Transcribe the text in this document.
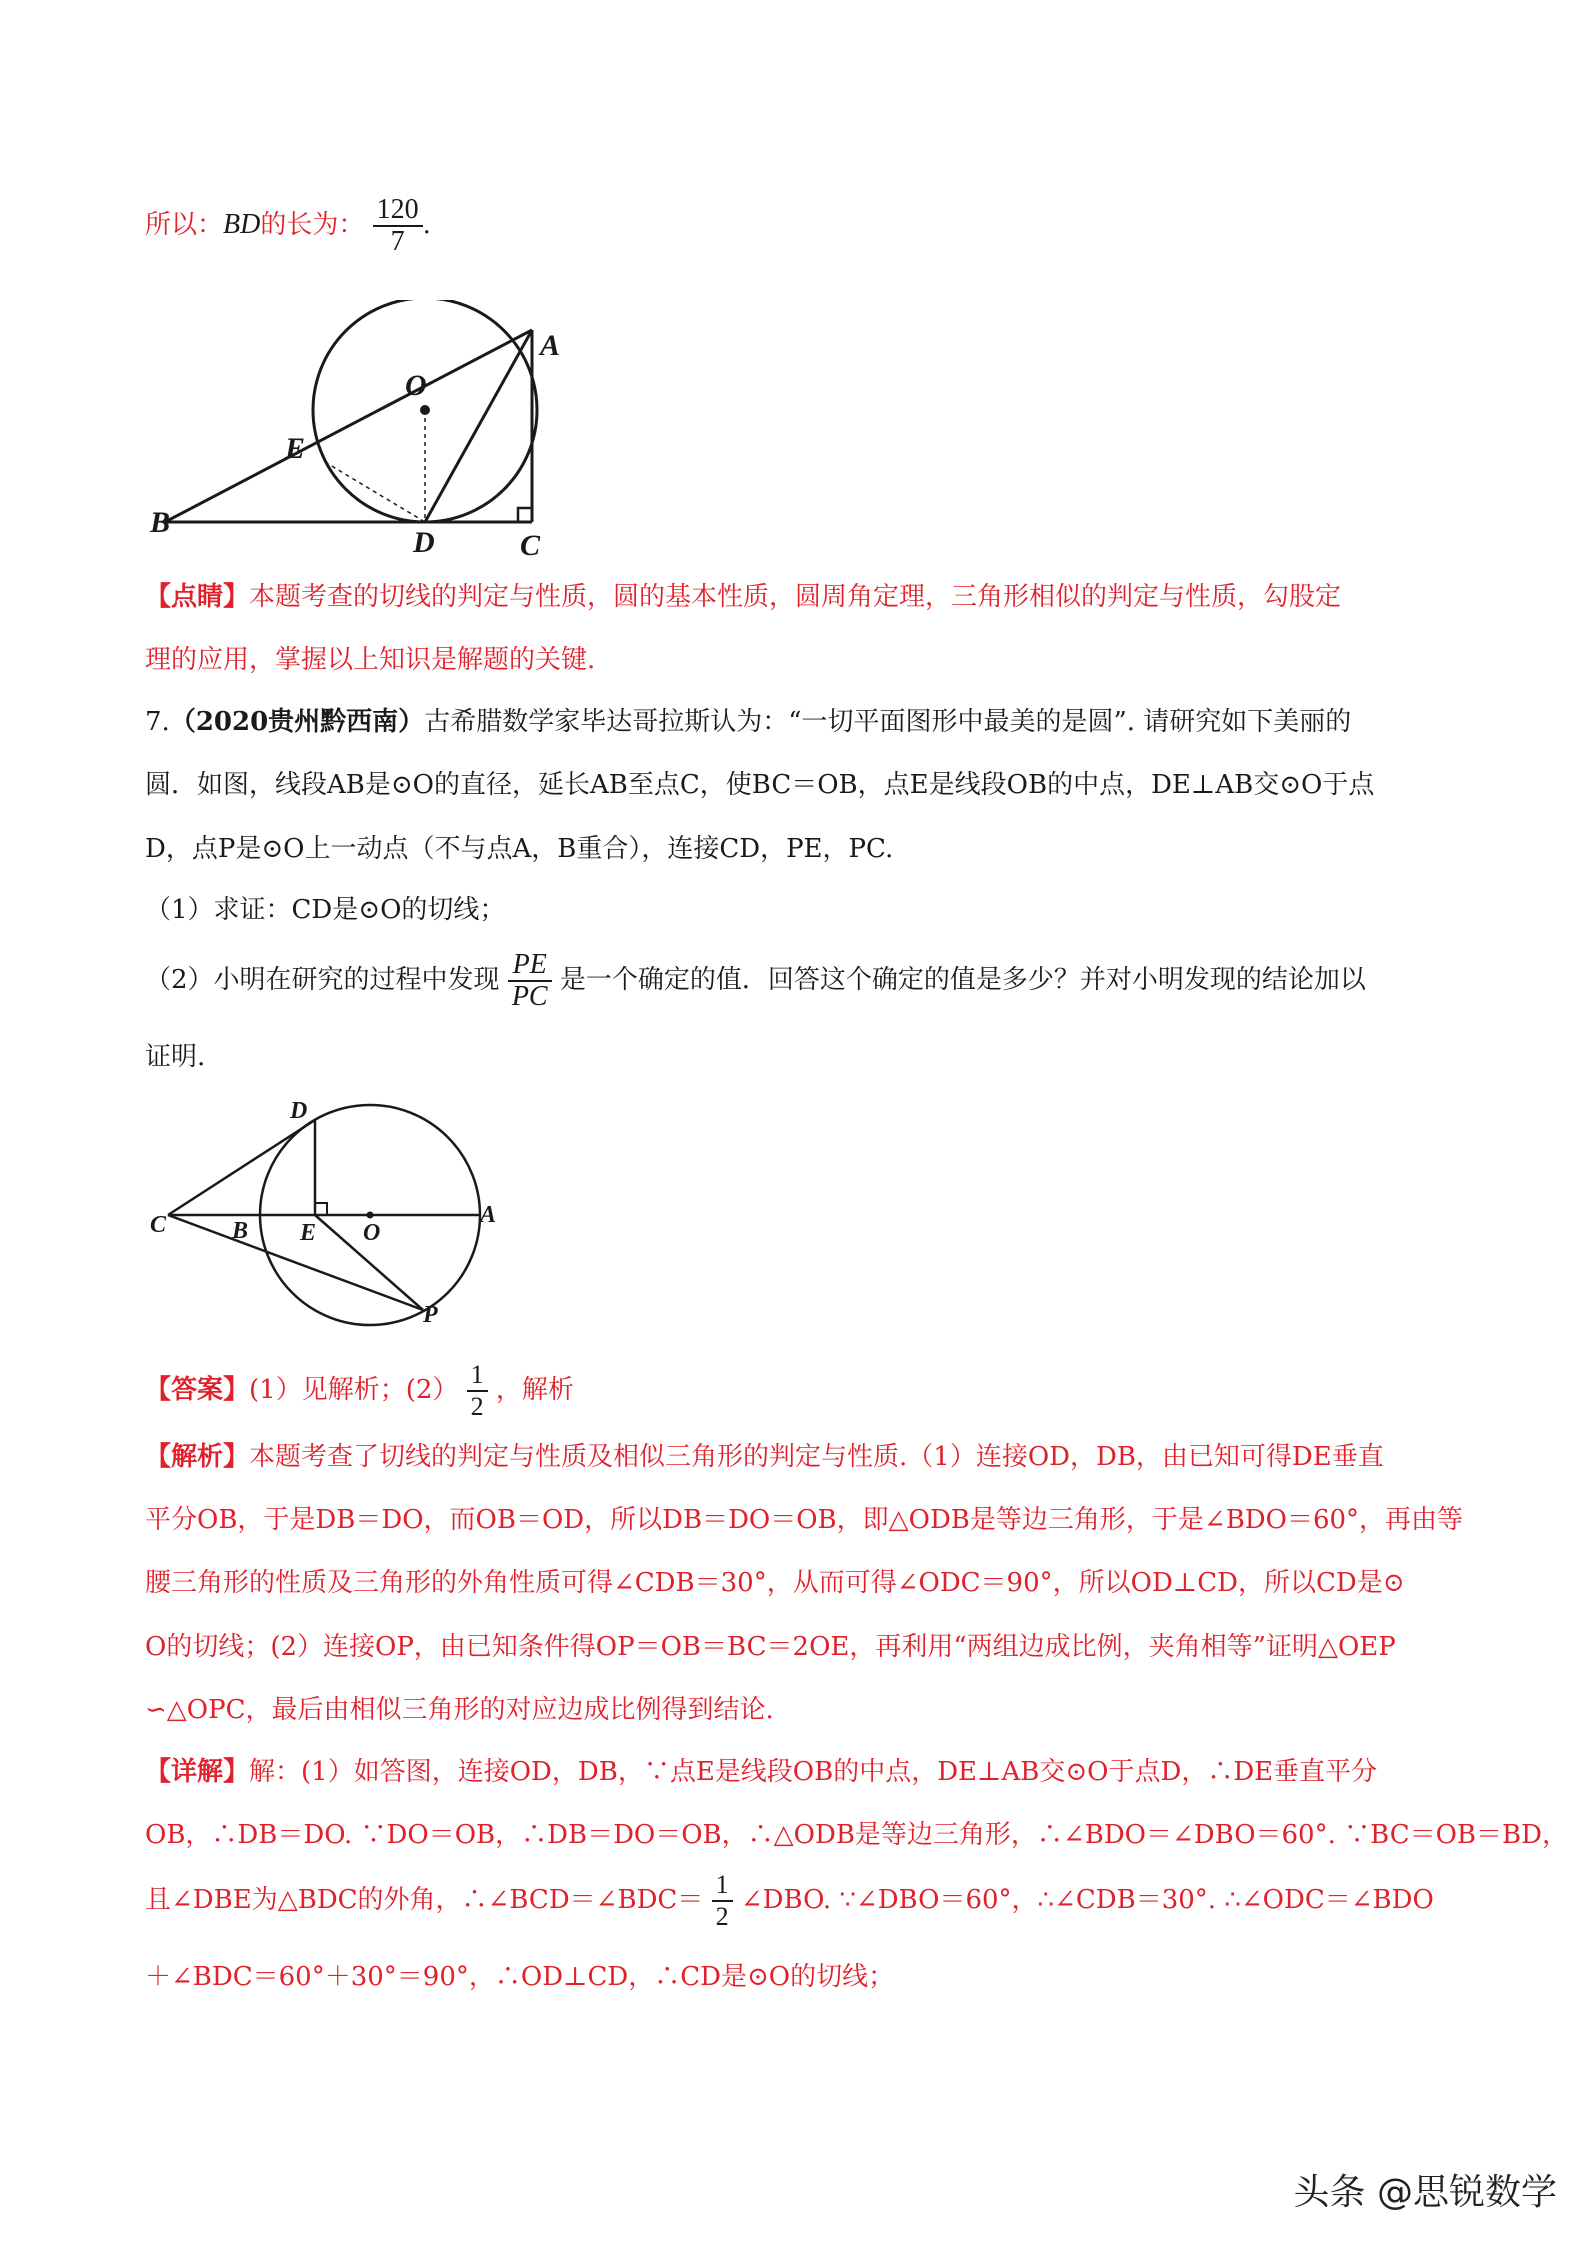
所以：BD的长为： $\frac{120}{7}$ .
O
A
E
B
D	C
【点睛】本题考查的切线的判定与性质，圆的基本性质，圆周角定理，三角形相似的判定与性质，勾股定
理的应用，掌握以上知识是解题的关键.
7.（2020贵州黔西南）古希腊数学家毕达哥拉斯认为：“一切平面图形中最美的是圆”. 请研究如下美丽的
圆．如图，线段AB是⊙O的直径，延长AB至点C，使BC＝OB，点E是线段OB的中点，DE⊥AB交⊙O于点
D，点P是⊙O上一动点（不与点A，B重合），连接CD，PE，PC.
（1）求证：CD是⊙O的切线；
（2）小明在研究的过程中发现 $\frac{PE}{PC}$ 是一个确定的值．回答这个确定的值是多少？并对小明发现的结论加以
证明.
D
C	B E O
A
P
【答案】(1）见解析；$(2) \frac{1}{2}$ ，解析
【解析】本题考查了切线的判定与性质及相似三角形的判定与性质.（1）连接OD，DB，由已知可得DE垂直
平分OB，于是DB＝DO，而OB＝OD，所以DB＝DO＝OB，即△ODB是等边三角形，于是∠BDO＝60°，再由等
腰三角形的性质及三角形的外角性质可得∠CDB＝30°，从而可得∠ODC＝90°，所以OD⊥CD，所以CD是⊙
O的切线；(2）连接OP，由已知条件得OP＝OB＝BC＝2OE，再利用“两组边成比例，夹角相等”证明△OEP
∽△OPC，最后由相似三角形的对应边成比例得到结论.
【详解】解：(1）如答图，连接OD，DB，∵点E是线段OB的中点，DE⊥AB交⊙O于点D，∴DE垂直平分
OB，∴DB＝DO. ∵DO＝OB，∴DB＝DO＝OB，∴△ODB是等边三角形，∴∠BDO＝∠DBO＝60°. ∵BC＝OB＝BD，
且∠DBE为△BDC的外角，∴∠BCD＝∠BDC＝ $\frac{1}{2}$ ∠DBO. ∵∠DBO＝60°，∴∠CDB＝30°. ∴∠ODC＝∠BDO
＋∠BDC＝60°＋30°＝90°，∴OD⊥CD，∴CD是⊙O的切线；
头条 @思锐数学
